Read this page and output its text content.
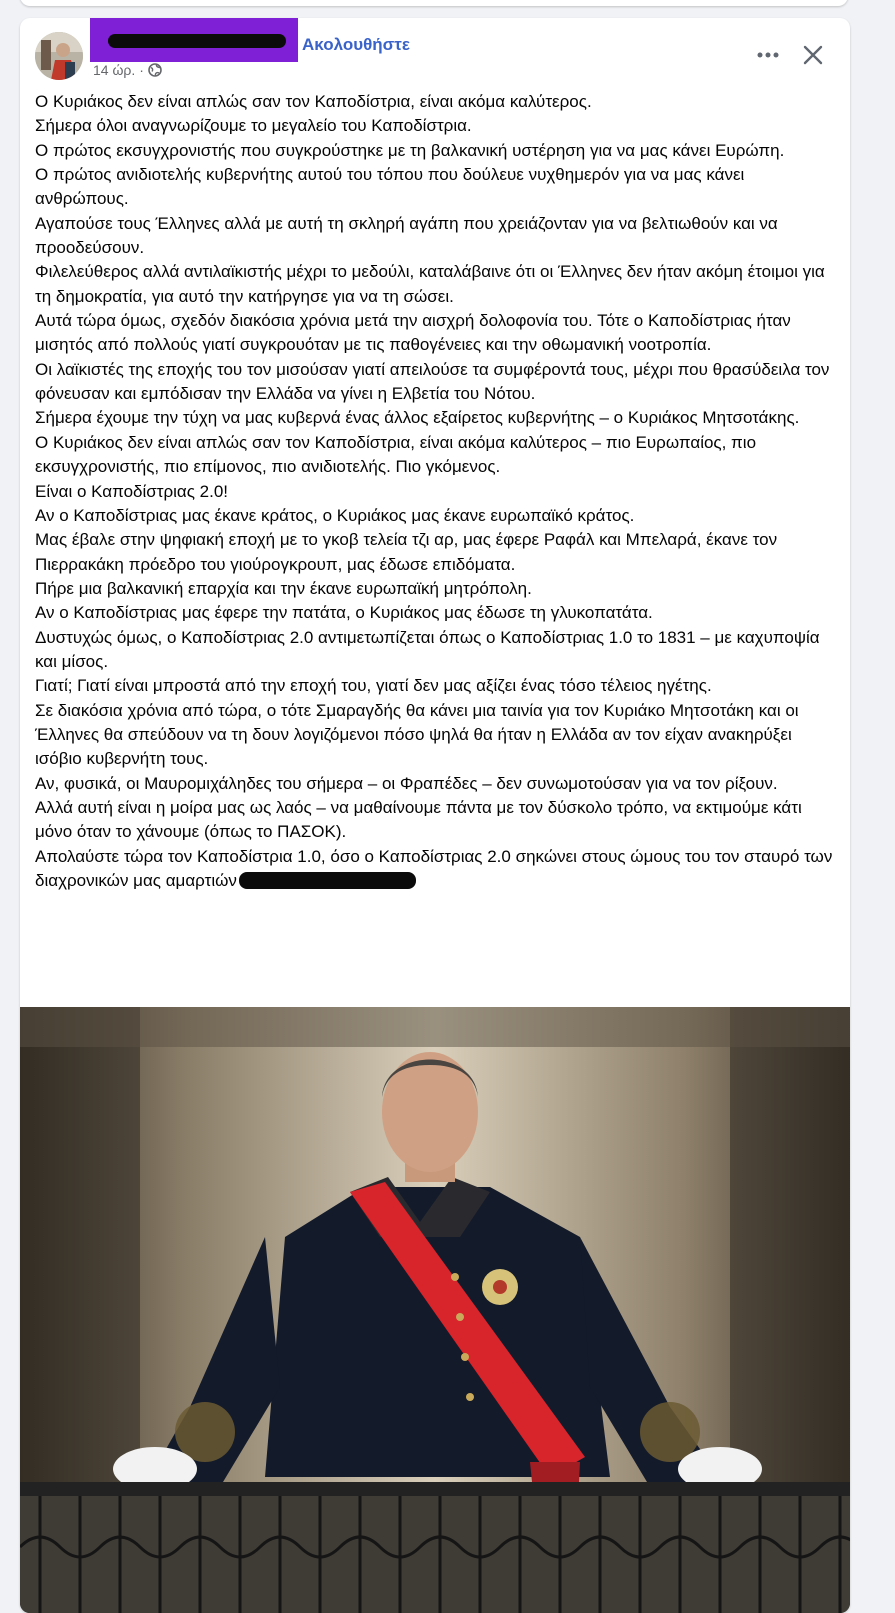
Ακολουθήστε
14 ώρ. ·

Ο Κυριάκος δεν είναι απλώς σαν τον Καποδίστρια, είναι ακόμα καλύτερος.

Σήμερα όλοι αναγνωρίζουμε το μεγαλείο του Καποδίστρια.

Ο πρώτος εκσυγχρονιστής που συγκρούστηκε με τη βαλκανική υστέρηση για να μας κάνει Ευρώπη.

Ο πρώτος ανιδιοτελής κυβερνήτης αυτού του τόπου που δούλευε νυχθημερόν για να μας κάνει ανθρώπους.

Αγαπούσε τους Έλληνες αλλά με αυτή τη σκληρή αγάπη που χρειάζονταν για να βελτιωθούν και να προοδεύσουν.

Φιλελεύθερος αλλά αντιλαϊκιστής μέχρι το μεδούλι, καταλάβαινε ότι οι Έλληνες δεν ήταν ακόμη έτοιμοι για τη δημοκρατία, για αυτό την κατήργησε για να τη σώσει.

Αυτά τώρα όμως, σχεδόν διακόσια χρόνια μετά την αισχρή δολοφονία του. Τότε ο Καποδίστριας ήταν μισητός από πολλούς γιατί συγκρουόταν με τις παθογένειες και την οθωμανική νοοτροπία.

Οι λαϊκιστές της εποχής του τον μισούσαν γιατί απειλούσε τα συμφέροντά τους, μέχρι που θρασύδειλα τον φόνευσαν και εμπόδισαν την Ελλάδα να γίνει η Ελβετία του Νότου.

Σήμερα έχουμε την τύχη να μας κυβερνά ένας άλλος εξαίρετος κυβερνήτης – ο Κυριάκος Μητσοτάκης.

Ο Κυριάκος δεν είναι απλώς σαν τον Καποδίστρια, είναι ακόμα καλύτερος – πιο Ευρωπαίος, πιο εκσυγχρονιστής, πιο επίμονος, πιο ανιδιοτελής. Πιο γκόμενος.

Είναι ο Καποδίστριας 2.0!

Αν ο Καποδίστριας μας έκανε κράτος, ο Κυριάκος μας έκανε ευρωπαϊκό κράτος.

Μας έβαλε στην ψηφιακή εποχή με το γκοβ τελεία τζι αρ, μας έφερε Ραφάλ και Μπελαρά, έκανε τον Πιερρακάκη πρόεδρο του γιούρογκρουπ, μας έδωσε επιδόματα.

Πήρε μια βαλκανική επαρχία και την έκανε ευρωπαϊκή μητρόπολη.

Αν ο Καποδίστριας μας έφερε την πατάτα, ο Κυριάκος μας έδωσε τη γλυκοπατάτα.

Δυστυχώς όμως, ο Καποδίστριας 2.0 αντιμετωπίζεται όπως ο Καποδίστριας 1.0 το 1831 – με καχυποψία και μίσος.

Γιατί; Γιατί είναι μπροστά από την εποχή του, γιατί δεν μας αξίζει ένας τόσο τέλειος ηγέτης.

Σε διακόσια χρόνια από τώρα, ο τότε Σμαραγδής θα κάνει μια ταινία για τον Κυριάκο Μητσοτάκη και οι Έλληνες θα σπεύδουν να τη δουν λογιζόμενοι πόσο ψηλά θα ήταν η Ελλάδα αν τον είχαν ανακηρύξει ισόβιο κυβερνήτη τους.

Αν, φυσικά, οι Μαυρομιχάληδες του σήμερα – οι Φραπέδες – δεν συνωμοτούσαν για να τον ρίξουν.

Αλλά αυτή είναι η μοίρα μας ως λαός – να μαθαίνουμε πάντα με τον δύσκολο τρόπο, να εκτιμούμε κάτι μόνο όταν το χάνουμε (όπως το ΠΑΣΟΚ).

Απολαύστε τώρα τον Καποδίστρια 1.0, όσο ο Καποδίστριας 2.0 σηκώνει στους ώμους του τον σταυρό των διαχρονικών μας αμαρτιών
